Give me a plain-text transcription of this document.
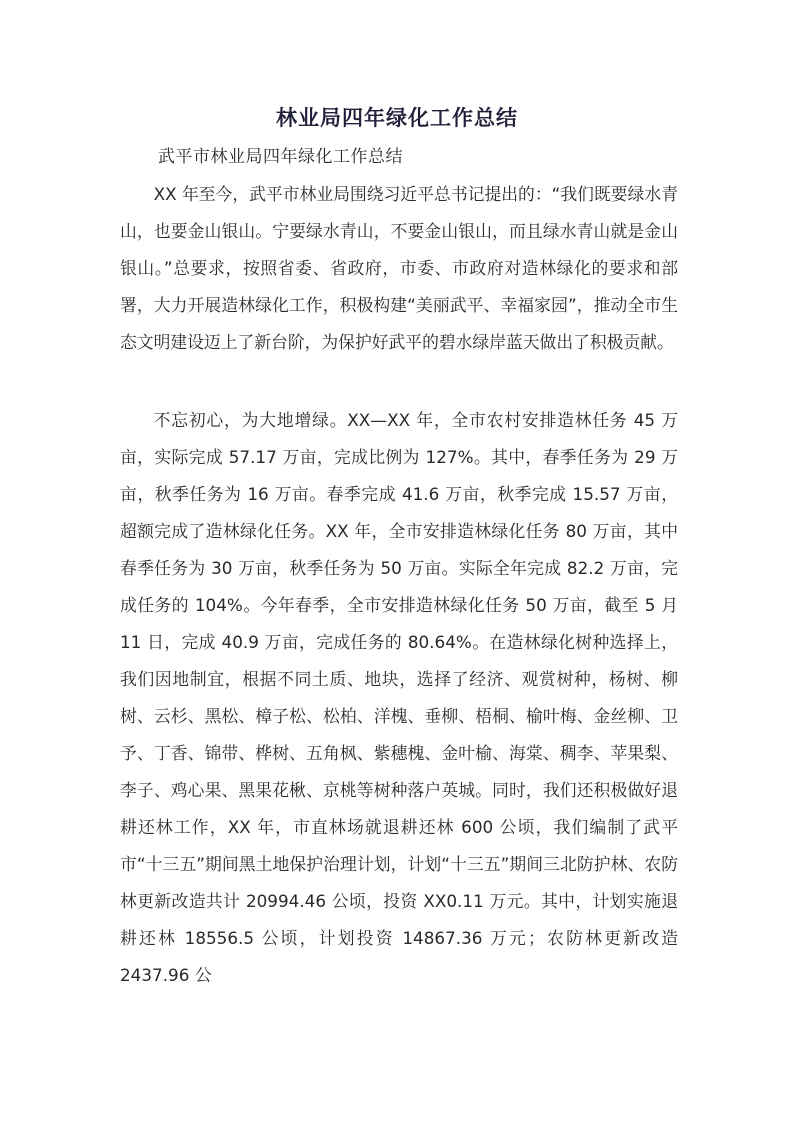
林业局四年绿化工作总结
武平市林业局四年绿化工作总结

XX 年至今，武平市林业局围绕习近平总书记提出的：“我们既要绿水青山，也要金山银山。宁要绿水青山，不要金山银山，而且绿水青山就是金山银山。”总要求，按照省委、省政府，市委、市政府对造林绿化的要求和部署，大力开展造林绿化工作，积极构建“美丽武平、幸福家园”，推动全市生态文明建设迈上了新台阶，为保护好武平的碧水绿岸蓝天做出了积极贡献。

不忘初心，为大地增绿。XX—XX 年，全市农村安排造林任务 45 万亩，实际完成 57.17 万亩，完成比例为 127%。其中，春季任务为 29 万亩，秋季任务为 16 万亩。春季完成 41.6 万亩，秋季完成 15.57 万亩，超额完成了造林绿化任务。XX 年，全市安排造林绿化任务 80 万亩，其中春季任务为 30 万亩，秋季任务为 50 万亩。实际全年完成 82.2 万亩，完成任务的 104%。今年春季，全市安排造林绿化任务 50 万亩，截至 5 月 11 日，完成 40.9 万亩，完成任务的 80.64%。在造林绿化树种选择上，我们因地制宜，根据不同土质、地块，选择了经济、观赏树种，杨树、柳树、云杉、黑松、樟子松、松柏、洋槐、垂柳、梧桐、榆叶梅、金丝柳、卫予、丁香、锦带、桦树、五角枫、紫穗槐、金叶榆、海棠、稠李、苹果梨、李子、鸡心果、黑果花楸、京桃等树种落户英城。同时，我们还积极做好退耕还林工作，XX 年，市直林场就退耕还林 600 公顷，我们编制了武平市“十三五”期间黑土地保护治理计划，计划“十三五”期间三北防护林、农防林更新改造共计 20994.46 公顷，投资 XX0.11 万元。其中，计划实施退耕还林 18556.5 公顷，计划投资 14867.36 万元；农防林更新改造 2437.96 公
